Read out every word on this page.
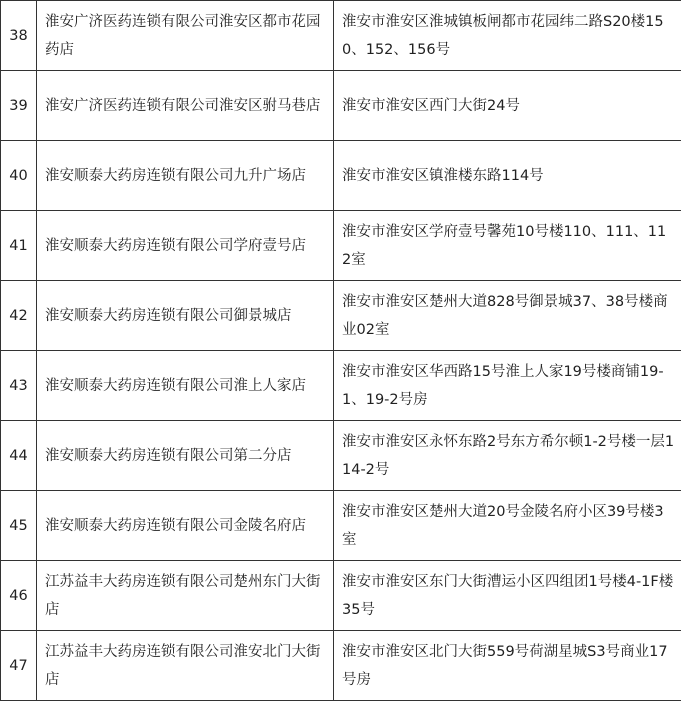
38	淮安广济医药连锁有限公司淮安区都市花园药店	淮安市淮安区淮城镇板闸都市花园纬二路S20楼150、152、156号
39	淮安广济医药连锁有限公司淮安区驸马巷店	淮安市淮安区西门大街24号
40	淮安顺泰大药房连锁有限公司九升广场店	淮安市淮安区镇淮楼东路114号
41	淮安顺泰大药房连锁有限公司学府壹号店	淮安市淮安区学府壹号馨苑10号楼110、111、112室
42	淮安顺泰大药房连锁有限公司御景城店	淮安市淮安区楚州大道828号御景城37、38号楼商业02室
43	淮安顺泰大药房连锁有限公司淮上人家店	淮安市淮安区华西路15号淮上人家19号楼商铺19-1、19-2号房
44	淮安顺泰大药房连锁有限公司第二分店	淮安市淮安区永怀东路2号东方希尔顿1-2号楼一层114-2号
45	淮安顺泰大药房连锁有限公司金陵名府店	淮安市淮安区楚州大道20号金陵名府小区39号楼3室
46	江苏益丰大药房连锁有限公司楚州东门大街店	淮安市淮安区东门大街漕运小区四组团1号楼4-1F楼35号
47	江苏益丰大药房连锁有限公司淮安北门大街店	淮安市淮安区北门大街559号荷湖星城S3号商业17号房
